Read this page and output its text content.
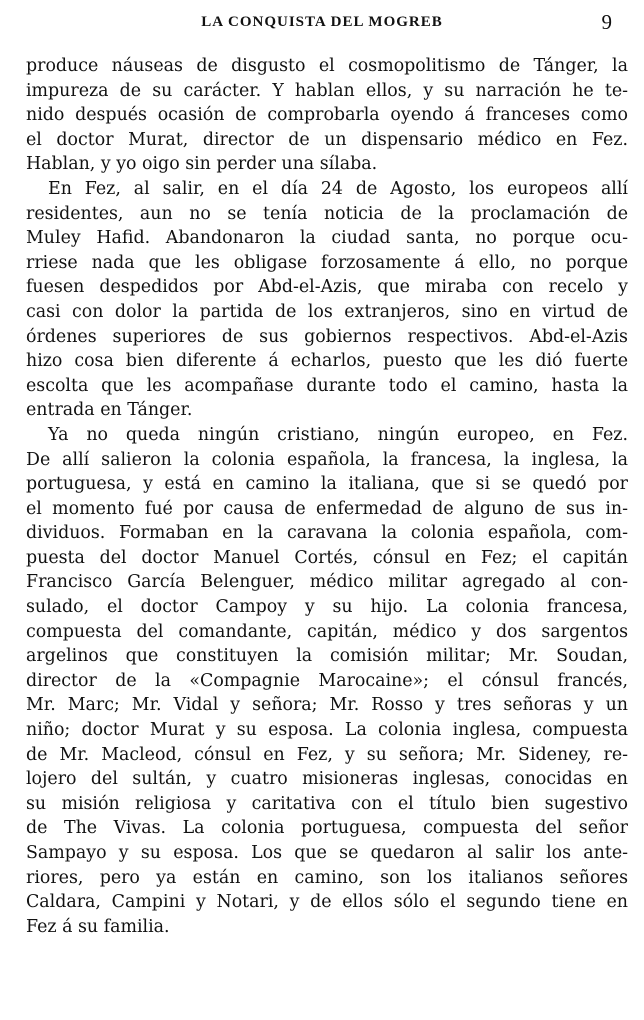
LA CONQUISTA DEL MOGREB	9
produce náuseas de disgusto el cosmopolitismo de Tánger, la
impureza de su carácter. Y hablan ellos, y su narración he te-
nido después ocasión de comprobarla oyendo á franceses como
el doctor Murat, director de un dispensario médico en Fez.
Hablan, y yo oigo sin perder una sílaba.
En Fez, al salir, en el día 24 de Agosto, los europeos allí
residentes, aun no se tenía noticia de la proclamación de
Muley Hafid. Abandonaron la ciudad santa, no porque ocu-
rriese nada que les obligase forzosamente á ello, no porque
fuesen despedidos por Abd-el-Azis, que miraba con recelo y
casi con dolor la partida de los extranjeros, sino en virtud de
órdenes superiores de sus gobiernos respectivos. Abd-el-Azis
hizo cosa bien diferente á echarlos, puesto que les dió fuerte
escolta que les acompañase durante todo el camino, hasta la
entrada en Tánger.
Ya no queda ningún cristiano, ningún europeo, en Fez.
De allí salieron la colonia española, la francesa, la inglesa, la
portuguesa, y está en camino la italiana, que si se quedó por
el momento fué por causa de enfermedad de alguno de sus in-
dividuos. Formaban en la caravana la colonia española, com-
puesta del doctor Manuel Cortés, cónsul en Fez; el capitán
Francisco García Belenguer, médico militar agregado al con-
sulado, el doctor Campoy y su hijo. La colonia francesa,
compuesta del comandante, capitán, médico y dos sargentos
argelinos que constituyen la comisión militar; Mr. Soudan,
director de la «Compagnie Marocaine»; el cónsul francés,
Mr. Marc; Mr. Vidal y señora; Mr. Rosso y tres señoras y un
niño; doctor Murat y su esposa. La colonia inglesa, compuesta
de Mr. Macleod, cónsul en Fez, y su señora; Mr. Sideney, re-
lojero del sultán, y cuatro misioneras inglesas, conocidas en
su misión religiosa y caritativa con el título bien sugestivo
de The Vivas. La colonia portuguesa, compuesta del señor
Sampayo y su esposa. Los que se quedaron al salir los ante-
riores, pero ya están en camino, son los italianos señores
Caldara, Campini y Notari, y de ellos sólo el segundo tiene en
Fez á su familia.
